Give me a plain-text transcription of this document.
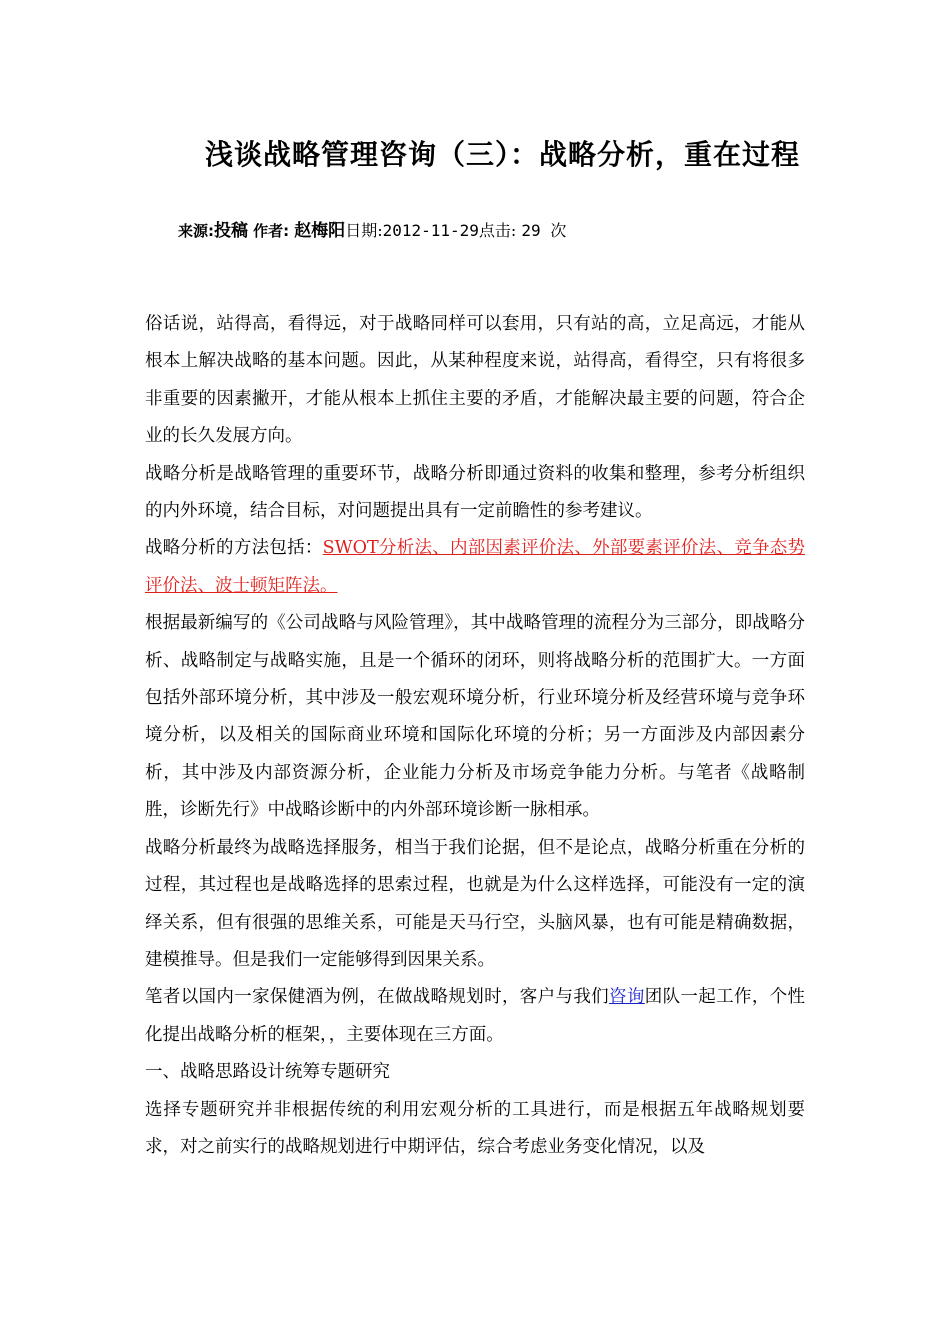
浅谈战略管理咨询（三）：战略分析，重在过程
来源:投稿 作者: 赵梅阳日期:2012-11-29点击: 29 次

俗话说，站得高，看得远，对于战略同样可以套用，只有站的高，立足高远，才能从根本上解决战略的基本问题。因此，从某种程度来说，站得高，看得空，只有将很多非重要的因素撇开，才能从根本上抓住主要的矛盾，才能解决最主要的问题，符合企业的长久发展方向。

战略分析是战略管理的重要环节，战略分析即通过资料的收集和整理，参考分析组织的内外环境，结合目标，对问题提出具有一定前瞻性的参考建议。

战略分析的方法包括：SWOT分析法、内部因素评价法、外部要素评价法、竞争态势评价法、波士顿矩阵法。

根据最新编写的《公司战略与风险管理》，其中战略管理的流程分为三部分，即战略分析、战略制定与战略实施，且是一个循环的闭环，则将战略分析的范围扩大。一方面包括外部环境分析，其中涉及一般宏观环境分析，行业环境分析及经营环境与竞争环境分析，以及相关的国际商业环境和国际化环境的分析；另一方面涉及内部因素分析，其中涉及内部资源分析，企业能力分析及市场竞争能力分析。与笔者《战略制胜，诊断先行》中战略诊断中的内外部环境诊断一脉相承。

战略分析最终为战略选择服务，相当于我们论据，但不是论点，战略分析重在分析的过程，其过程也是战略选择的思索过程，也就是为什么这样选择，可能没有一定的演绎关系，但有很强的思维关系，可能是天马行空，头脑风暴，也有可能是精确数据，建模推导。但是我们一定能够得到因果关系。

笔者以国内一家保健酒为例，在做战略规划时，客户与我们咨询团队一起工作，个性化提出战略分析的框架，，主要体现在三方面。

一、战略思路设计统筹专题研究

选择专题研究并非根据传统的利用宏观分析的工具进行，而是根据五年战略规划要求，对之前实行的战略规划进行中期评估，综合考虑业务变化情况，以及
